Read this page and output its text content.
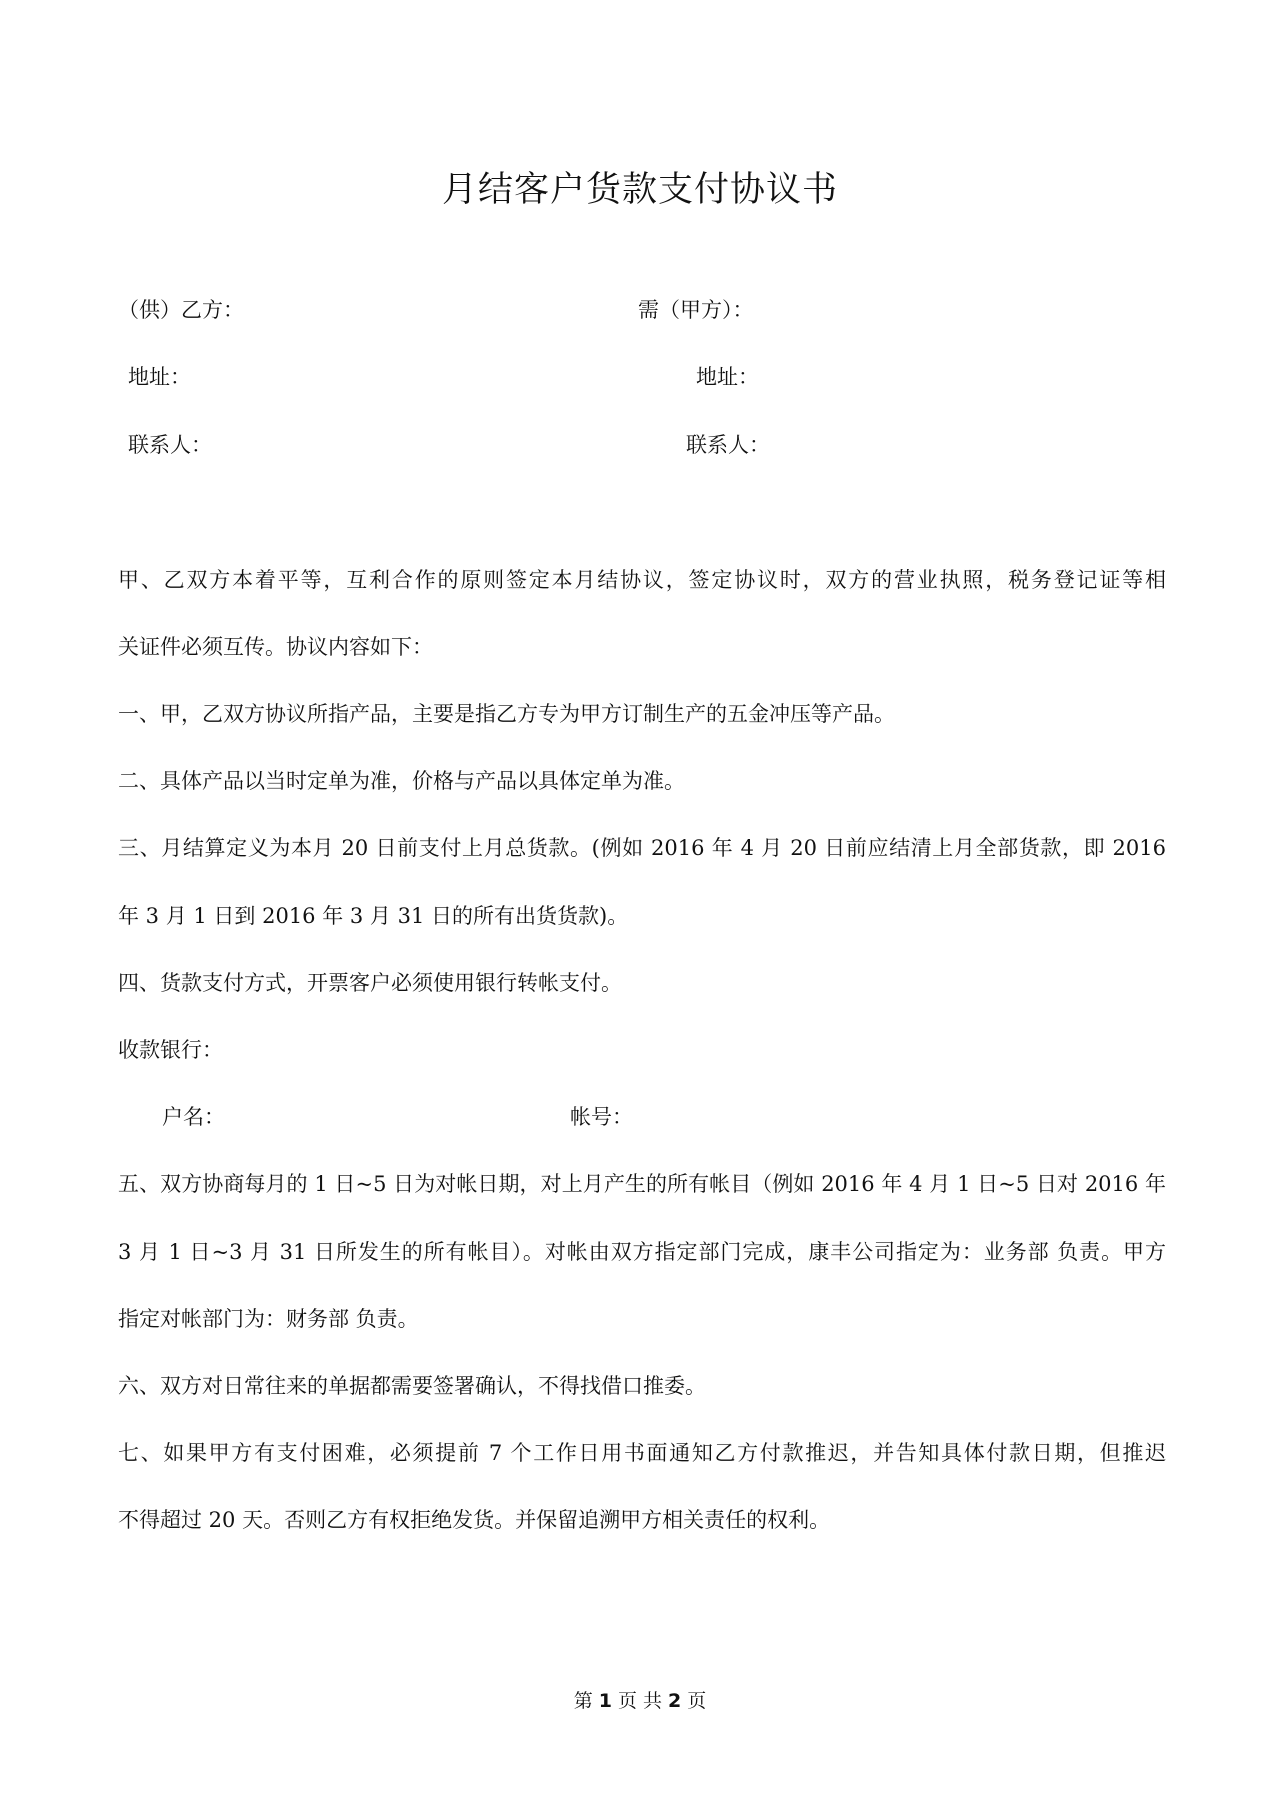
月结客户货款支付协议书
（供）乙方：	需（甲方）：
地址：	地址：
联系人：	联系人：
甲、乙双方本着平等，互利合作的原则签定本月结协议，签定协议时，双方的营业执照，税务登记证等相
关证件必须互传。协议内容如下：
一、甲，乙双方协议所指产品，主要是指乙方专为甲方订制生产的五金冲压等产品。
二、具体产品以当时定单为准，价格与产品以具体定单为准。
三、月结算定义为本月 20 日前支付上月总货款。(例如 2016 年 4 月 20 日前应结清上月全部货款，即 2016
年 3 月 1 日到 2016 年 3 月 31 日的所有出货货款)。
四、货款支付方式，开票客户必须使用银行转帐支付。
收款银行：
户名：	帐号：
五、双方协商每月的 1 日~5 日为对帐日期，对上月产生的所有帐目（例如 2016 年 4 月 1 日~5 日对 2016 年
3 月 1 日~3 月 31 日所发生的所有帐目）。对帐由双方指定部门完成，康丰公司指定为：业务部 负责。甲方
指定对帐部门为：财务部 负责。
六、双方对日常往来的单据都需要签署确认，不得找借口推委。
七、如果甲方有支付困难，必须提前 7 个工作日用书面通知乙方付款推迟，并告知具体付款日期，但推迟
不得超过 20 天。否则乙方有权拒绝发货。并保留追溯甲方相关责任的权利。
第 1 页 共 2 页
